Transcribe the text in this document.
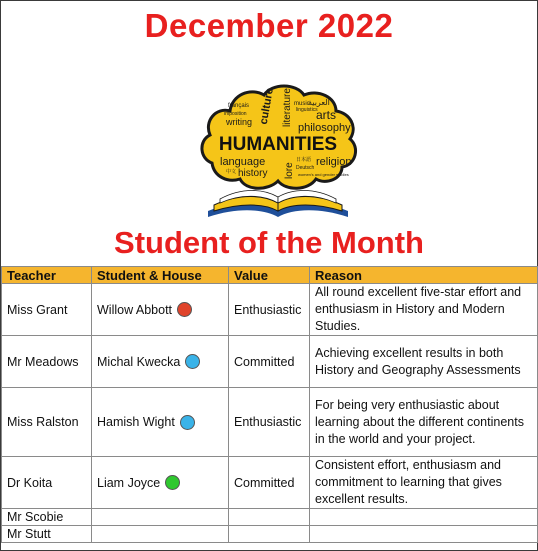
December 2022
writing culture literature العربية
arts
philosophy
français
imposition
music
linguistics
HUMANITIES
language
history
religion
lore
日本語
Deutsch
women's and gender studies
中文
Student of the Month
Teacher	Student & House	Value	Reason
Miss Grant	Willow Abbott	Enthusiastic	All round excellent five-star effort and enthusiasm in History and Modern Studies.
Mr Meadows	Michal Kwecka	Committed	Achieving excellent results in both History and Geography Assessments
Miss Ralston	Hamish Wight	Enthusiastic	For being very enthusiastic about learning about the different continents in the world and your project.
Dr Koita	Liam Joyce	Committed	Consistent effort, enthusiasm and commitment to learning that gives excellent results.
Mr Scobie			
Mr Stutt			
